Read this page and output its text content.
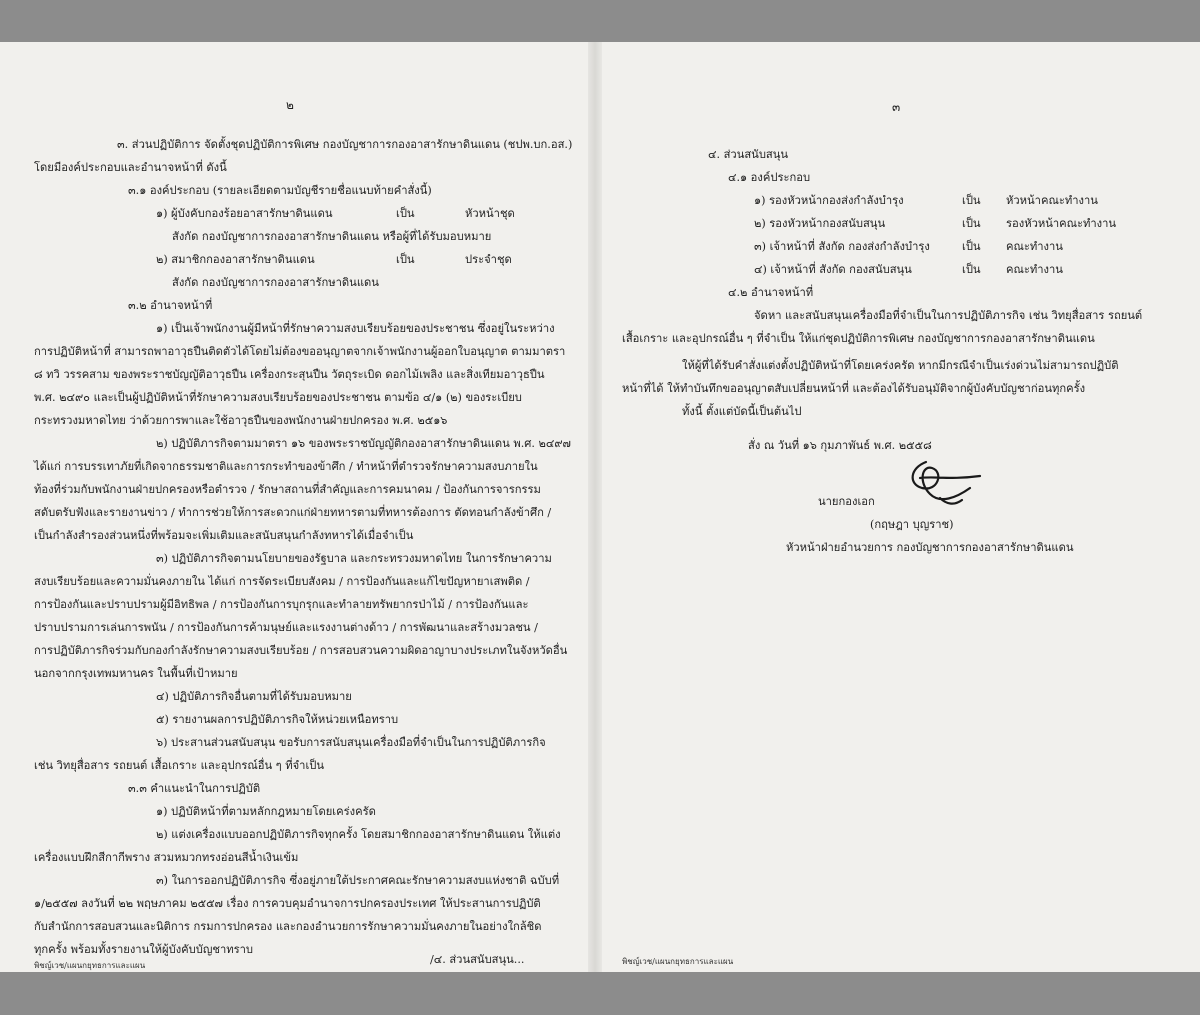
๒
๓. ส่วนปฏิบัติการ จัดตั้งชุดปฏิบัติการพิเศษ กองบัญชาการกองอาสารักษาดินแดน (ชปพ.บก.อส.)
โดยมีองค์ประกอบและอำนาจหน้าที่ ดังนี้
๓.๑ องค์ประกอบ (รายละเอียดตามบัญชีรายชื่อแนบท้ายคำสั่งนี้)
๑) ผู้บังคับกองร้อยอาสารักษาดินแดน	เป็น	หัวหน้าชุด
สังกัด กองบัญชาการกองอาสารักษาดินแดน หรือผู้ที่ได้รับมอบหมาย
๒) สมาชิกกองอาสารักษาดินแดน	เป็น	ประจำชุด
สังกัด กองบัญชาการกองอาสารักษาดินแดน
๓.๒ อำนาจหน้าที่
๑) เป็นเจ้าพนักงานผู้มีหน้าที่รักษาความสงบเรียบร้อยของประชาชน ซึ่งอยู่ในระหว่าง
การปฏิบัติหน้าที่ สามารถพาอาวุธปืนติดตัวได้โดยไม่ต้องขออนุญาตจากเจ้าพนักงานผู้ออกใบอนุญาต ตามมาตรา
๘ ทวิ วรรคสาม ของพระราชบัญญัติอาวุธปืน เครื่องกระสุนปืน วัตถุระเบิด ดอกไม้เพลิง และสิ่งเทียมอาวุธปืน
พ.ศ. ๒๔๙๐ และเป็นผู้ปฏิบัติหน้าที่รักษาความสงบเรียบร้อยของประชาชน ตามข้อ ๔/๑ (๒) ของระเบียบ
กระทรวงมหาดไทย ว่าด้วยการพาและใช้อาวุธปืนของพนักงานฝ่ายปกครอง พ.ศ. ๒๕๑๖
๒) ปฏิบัติภารกิจตามมาตรา ๑๖ ของพระราชบัญญัติกองอาสารักษาดินแดน พ.ศ. ๒๔๙๗
ได้แก่ การบรรเทาภัยที่เกิดจากธรรมชาติและการกระทำของข้าศึก / ทำหน้าที่ตำรวจรักษาความสงบภายใน
ท้องที่ร่วมกับพนักงานฝ่ายปกครองหรือตำรวจ / รักษาสถานที่สำคัญและการคมนาคม / ป้องกันการจารกรรม
สดับตรับฟังและรายงานข่าว / ทำการช่วยให้การสะดวกแก่ฝ่ายทหารตามที่ทหารต้องการ ตัดทอนกำลังข้าศึก /
เป็นกำลังสำรองส่วนหนึ่งที่พร้อมจะเพิ่มเติมและสนับสนุนกำลังทหารได้เมื่อจำเป็น
๓) ปฏิบัติภารกิจตามนโยบายของรัฐบาล และกระทรวงมหาดไทย ในการรักษาความ
สงบเรียบร้อยและความมั่นคงภายใน ได้แก่ การจัดระเบียบสังคม / การป้องกันและแก้ไขปัญหายาเสพติด /
การป้องกันและปราบปรามผู้มีอิทธิพล / การป้องกันการบุกรุกและทำลายทรัพยากรป่าไม้ / การป้องกันและ
ปราบปรามการเล่นการพนัน / การป้องกันการค้ามนุษย์และแรงงานต่างด้าว / การพัฒนาและสร้างมวลชน /
การปฏิบัติภารกิจร่วมกับกองกำลังรักษาความสงบเรียบร้อย / การสอบสวนความผิดอาญาบางประเภทในจังหวัดอื่น
นอกจากกรุงเทพมหานคร ในพื้นที่เป้าหมาย
๔) ปฏิบัติภารกิจอื่นตามที่ได้รับมอบหมาย
๕) รายงานผลการปฏิบัติภารกิจให้หน่วยเหนือทราบ
๖) ประสานส่วนสนับสนุน ขอรับการสนับสนุนเครื่องมือที่จำเป็นในการปฏิบัติภารกิจ
เช่น วิทยุสื่อสาร รถยนต์ เสื้อเกราะ และอุปกรณ์อื่น ๆ ที่จำเป็น
๓.๓ คำแนะนำในการปฏิบัติ
๑) ปฏิบัติหน้าที่ตามหลักกฎหมายโดยเคร่งครัด
๒) แต่งเครื่องแบบออกปฏิบัติภารกิจทุกครั้ง โดยสมาชิกกองอาสารักษาดินแดน ให้แต่ง
เครื่องแบบฝึกสีกากีพราง สวมหมวกทรงอ่อนสีน้ำเงินเข้ม
๓) ในการออกปฏิบัติภารกิจ ซึ่งอยู่ภายใต้ประกาศคณะรักษาความสงบแห่งชาติ ฉบับที่
๑/๒๕๕๗ ลงวันที่ ๒๒ พฤษภาคม ๒๕๕๗ เรื่อง การควบคุมอำนาจการปกครองประเทศ ให้ประสานการปฏิบัติ
กับสำนักการสอบสวนและนิติการ กรมการปกครอง และกองอำนวยการรักษาความมั่นคงภายในอย่างใกล้ชิด
ทุกครั้ง พร้อมทั้งรายงานให้ผู้บังคับบัญชาทราบ
/๔. ส่วนสนับสนุน...
พิชญ์เวช/แผนกยุทธการและแผน
๓
๔. ส่วนสนับสนุน
๔.๑ องค์ประกอบ
๑) รองหัวหน้ากองส่งกำลังบำรุง	เป็น หัวหน้าคณะทำงาน
๒) รองหัวหน้ากองสนับสนุน	เป็น รองหัวหน้าคณะทำงาน
๓) เจ้าหน้าที่ สังกัด กองส่งกำลังบำรุง	เป็น คณะทำงาน
๔) เจ้าหน้าที่ สังกัด กองสนับสนุน	เป็น คณะทำงาน
๔.๒ อำนาจหน้าที่
จัดหา และสนับสนุนเครื่องมือที่จำเป็นในการปฏิบัติภารกิจ เช่น วิทยุสื่อสาร รถยนต์
เสื้อเกราะ และอุปกรณ์อื่น ๆ ที่จำเป็น ให้แก่ชุดปฏิบัติการพิเศษ กองบัญชาการกองอาสารักษาดินแดน
ให้ผู้ที่ได้รับคำสั่งแต่งตั้งปฏิบัติหน้าที่โดยเคร่งครัด หากมีกรณีจำเป็นเร่งด่วนไม่สามารถปฏิบัติ
หน้าที่ได้ ให้ทำบันทึกขออนุญาตสับเปลี่ยนหน้าที่ และต้องได้รับอนุมัติจากผู้บังคับบัญชาก่อนทุกครั้ง
ทั้งนี้ ตั้งแต่บัดนี้เป็นต้นไป
สั่ง ณ วันที่ ๑๖ กุมภาพันธ์ พ.ศ. ๒๕๕๘
นายกองเอก
(กฤษฎา บุญราช)
หัวหน้าฝ่ายอำนวยการ กองบัญชาการกองอาสารักษาดินแดน
พิชญ์เวช/แผนกยุทธการและแผน
